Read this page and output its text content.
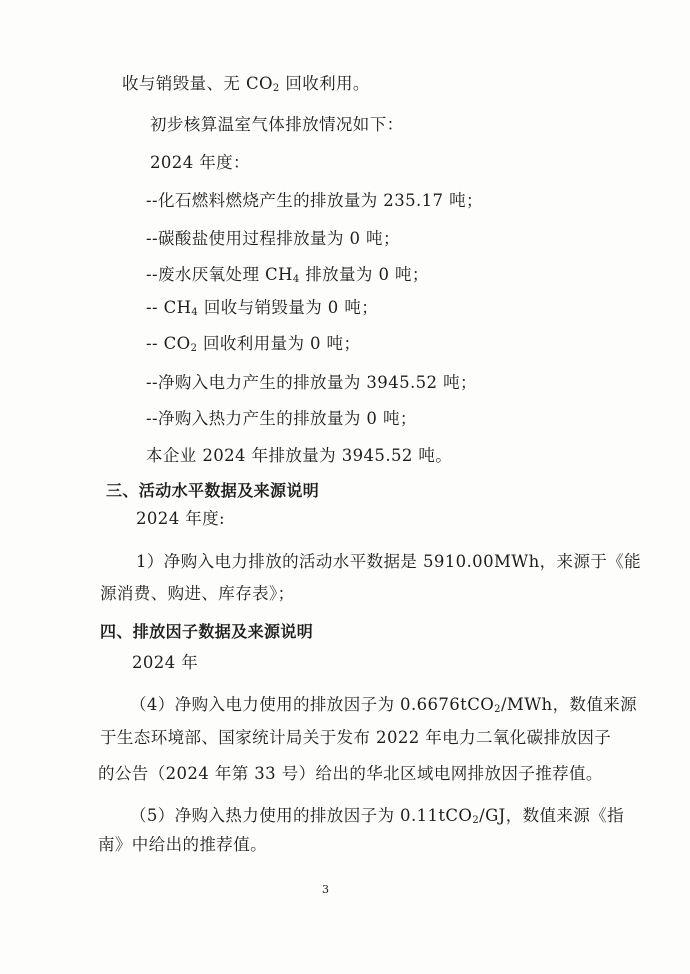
收与销毁量、无 $CO_2$ 回收利用。
初步核算温室气体排放情况如下：
2024 年度：
--化石燃料燃烧产生的排放量为 235.17 吨；
--碳酸盐使用过程排放量为 0 吨；
--废水厌氧处理 $CH_4$ 排放量为 0 吨；
-- $CH_4$ 回收与销毁量为 0 吨；
-- $CO_2$ 回收利用量为 0 吨；
--净购入电力产生的排放量为 3945.52 吨；
--净购入热力产生的排放量为 0 吨；
本企业 2024 年排放量为 3945.52 吨。
三、活动水平数据及来源说明
2024 年度:
1）净购入电力排放的活动水平数据是 5910.00MWh，来源于《能
源消费、购进、库存表》；
四、排放因子数据及来源说明
2024 年
（4）净购入电力使用的排放因子为 0.6676tCO$_2$/MWh，数值来源
于生态环境部、国家统计局关于发布 2022 年电力二氧化碳排放因子
的公告（2024 年第 33 号）给出的华北区域电网排放因子推荐值。
（5）净购入热力使用的排放因子为 0.11tCO$_2$/GJ，数值来源《指
南》中给出的推荐值。
3
